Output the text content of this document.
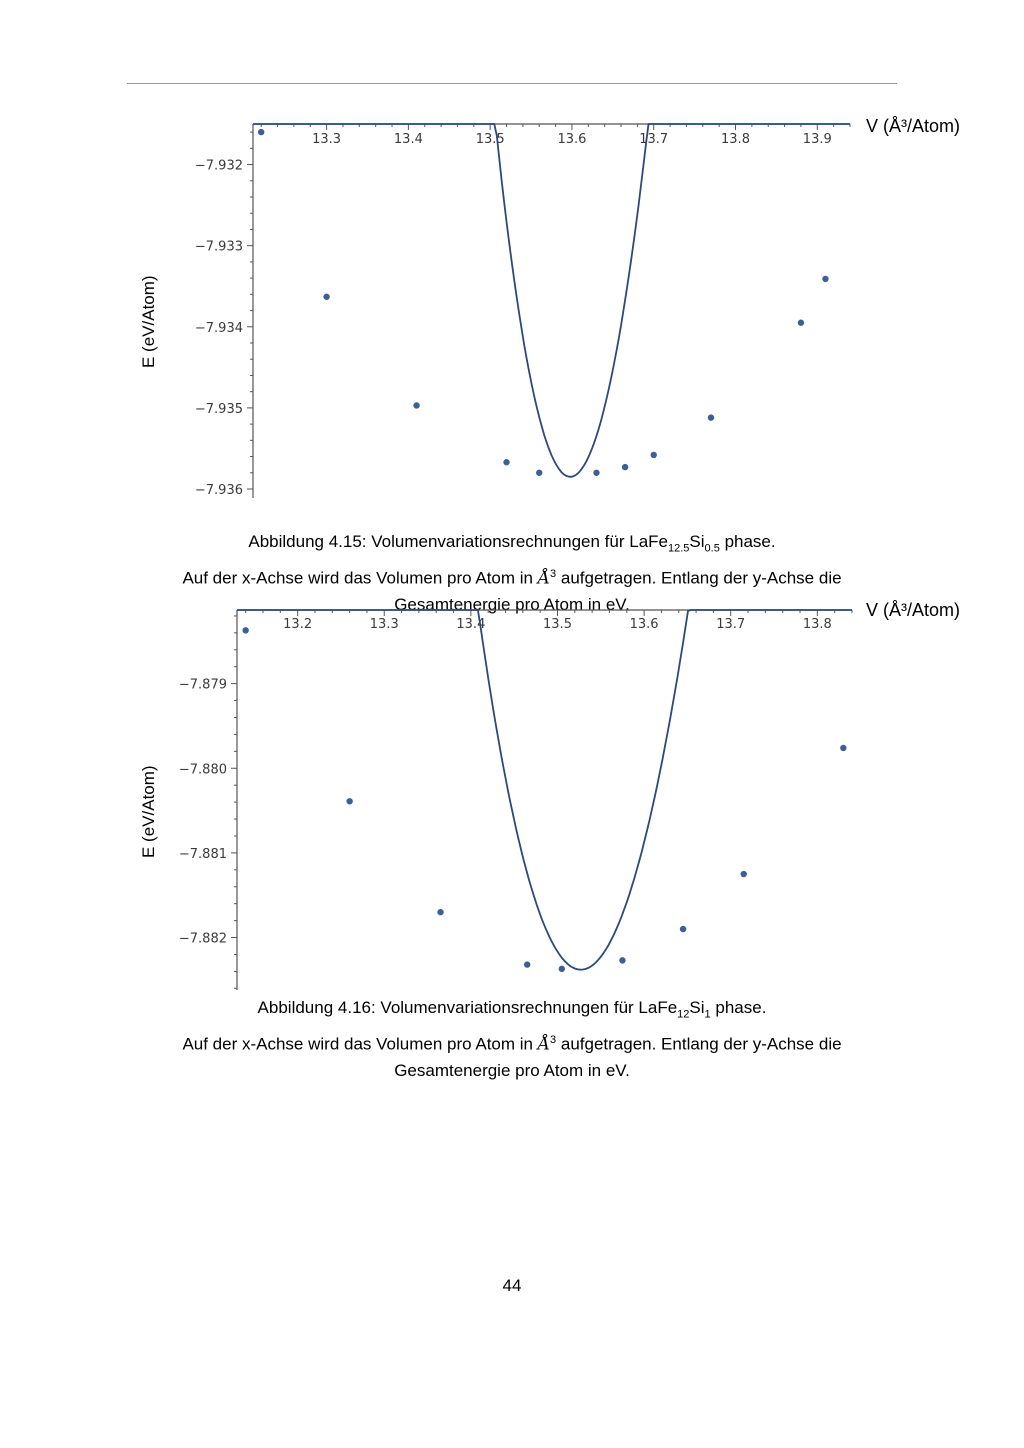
13.3	13.4	13.5	13.6	13.7	13.8	13.9
−7.932
−7.933
−7.934
−7.935
−7.936
V (Å³/Atom)
E (eV/Atom)
Abbildung 4.15: Volumenvariationsrechnungen für $LaFe_{12.5}Si_{0.5}$ phase.
Auf der x-Achse wird das Volumen pro Atom in $Å^3$ aufgetragen. Entlang der y-Achse die
Gesamtenergie pro Atom in eV.
13.2	13.3	13.4	13.5	13.6	13.7	13.8
−7.879
−7.880
−7.881
−7.882
V (Å³/Atom)
E (eV/Atom)
Abbildung 4.16: Volumenvariationsrechnungen für $LaFe_{12}Si_1$ phase.
Auf der x-Achse wird das Volumen pro Atom in $Å^3$ aufgetragen. Entlang der y-Achse die
Gesamtenergie pro Atom in eV.
44
